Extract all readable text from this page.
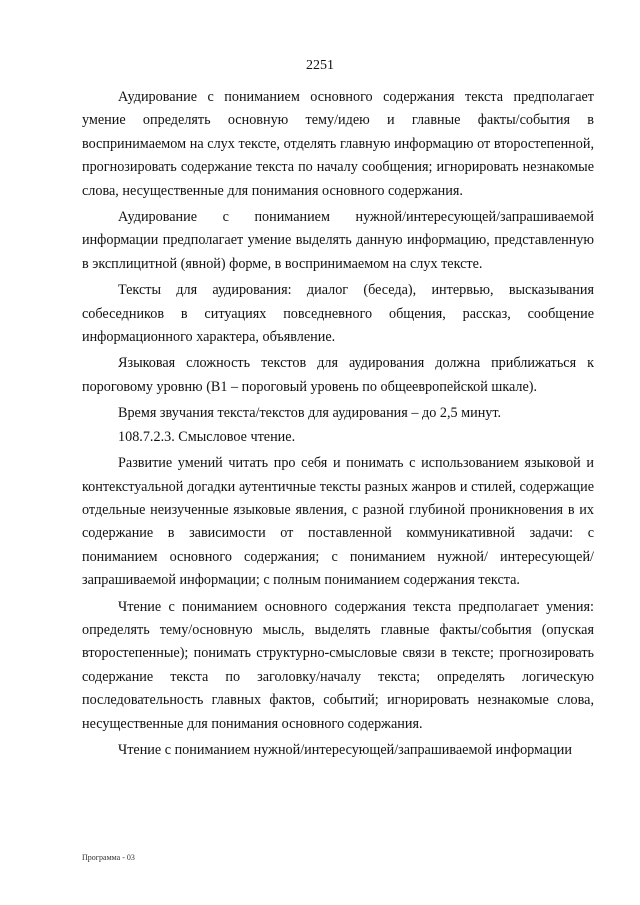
2251

Аудирование с пониманием основного содержания текста предполагает умение определять основную тему/идею и главные факты/события в воспринимаемом на слух тексте, отделять главную информацию от второстепенной, прогнозировать содержание текста по началу сообщения; игнорировать незнакомые слова, несущественные для понимания основного содержания.

Аудирование с пониманием нужной/интересующей/запрашиваемой информации предполагает умение выделять данную информацию, представленную в эксплицитной (явной) форме, в воспринимаемом на слух тексте.

Тексты для аудирования: диалог (беседа), интервью, высказывания собеседников в ситуациях повседневного общения, рассказ, сообщение информационного характера, объявление.

Языковая сложность текстов для аудирования должна приближаться к пороговому уровню (В1 – пороговый уровень по общеевропейской шкале).

Время звучания текста/текстов для аудирования – до 2,5 минут.

108.7.2.3. Смысловое чтение.

Развитие умений читать про себя и понимать с использованием языковой и контекстуальной догадки аутентичные тексты разных жанров и стилей, содержащие отдельные неизученные языковые явления, с разной глубиной проникновения в их содержание в зависимости от поставленной коммуникативной задачи: с пониманием основного содержания; с пониманием нужной/ интересующей/запрашиваемой информации; с полным пониманием содержания текста.

Чтение с пониманием основного содержания текста предполагает умения: определять тему/основную мысль, выделять главные факты/события (опуская второстепенные); понимать структурно-смысловые связи в тексте; прогнозировать содержание текста по заголовку/началу текста; определять логическую последовательность главных фактов, событий; игнорировать незнакомые слова, несущественные для понимания основного содержания.

Чтение с пониманием нужной/интересующей/запрашиваемой информации

Программа - 03
